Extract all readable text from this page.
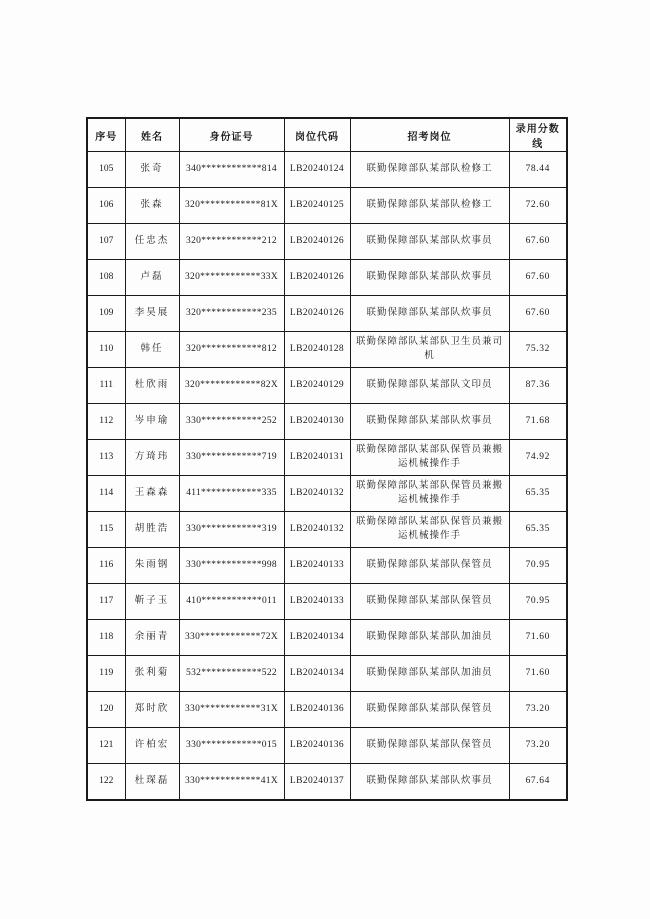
序号	姓名	身份证号	岗位代码	招考岗位	录用分数线
105	张奇	340************814	LB20240124	联勤保障部队某部队检修工	78.44
106	张森	320************81X	LB20240125	联勤保障部队某部队检修工	72.60
107	任忠杰	320************212	LB20240126	联勤保障部队某部队炊事员	67.60
108	卢磊	320************33X	LB20240126	联勤保障部队某部队炊事员	67.60
109	李昊展	320************235	LB20240126	联勤保障部队某部队炊事员	67.60
110	韩任	320************812	LB20240128	联勤保障部队某部队卫生员兼司机	75.32
111	杜欣雨	320************82X	LB20240129	联勤保障部队某部队文印员	87.36
112	岑申瑜	330************252	LB20240130	联勤保障部队某部队炊事员	71.68
113	方琦玮	330************719	LB20240131	联勤保障部队某部队保管员兼搬运机械操作手	74.92
114	王森森	411************335	LB20240132	联勤保障部队某部队保管员兼搬运机械操作手	65.35
115	胡胜浩	330************319	LB20240132	联勤保障部队某部队保管员兼搬运机械操作手	65.35
116	朱雨钢	330************998	LB20240133	联勤保障部队某部队保管员	70.95
117	靳子玉	410************011	LB20240133	联勤保障部队某部队保管员	70.95
118	余丽青	330************72X	LB20240134	联勤保障部队某部队加油员	71.60
119	张利菊	532************522	LB20240134	联勤保障部队某部队加油员	71.60
120	郑时欣	330************31X	LB20240136	联勤保障部队某部队保管员	73.20
121	许柏宏	330************015	LB20240136	联勤保障部队某部队保管员	73.20
122	杜琛磊	330************41X	LB20240137	联勤保障部队某部队炊事员	67.64
